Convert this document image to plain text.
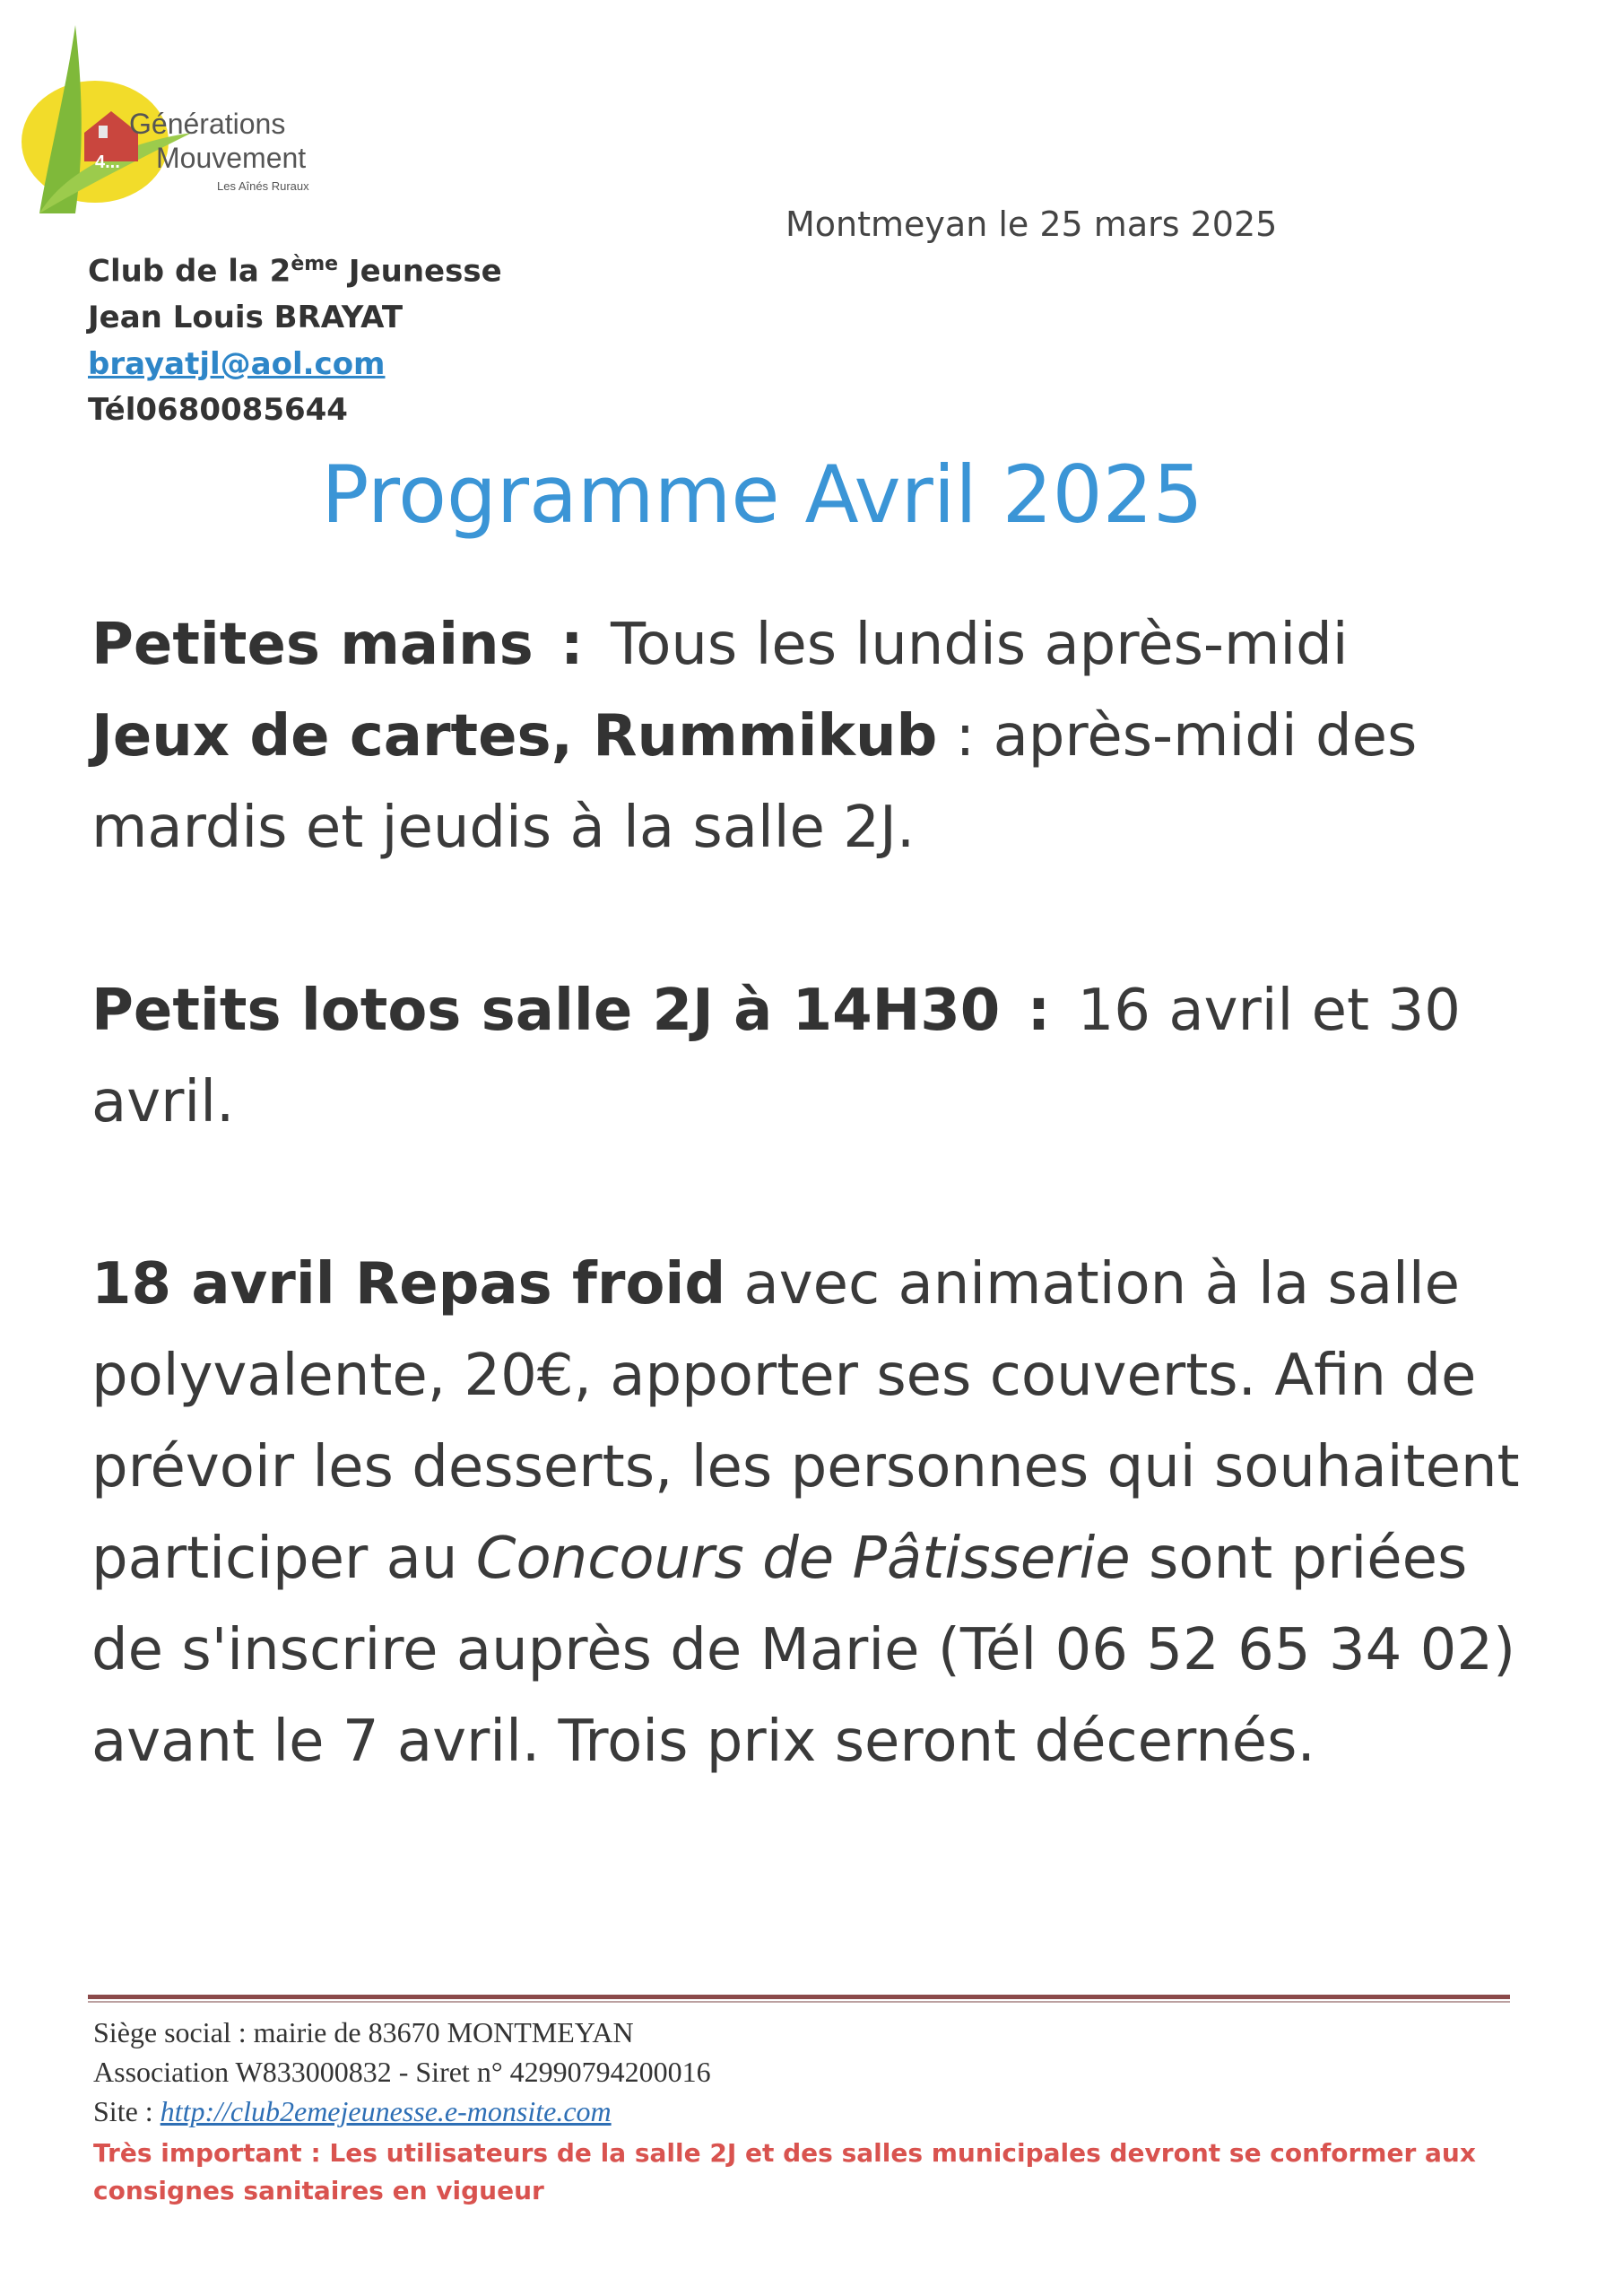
4...
Générations
Mouvement
Les Aînés Ruraux
Montmeyan le 25 mars 2025
Club de la 2ème Jeunesse
Jean Louis BRAYAT
brayatjl@aol.com
Tél0680085644
Programme Avril 2025
Petites mains : Tous les lundis après-midi
Jeux de cartes, Rummikub : après-midi des mardis et jeudis à la salle 2J.
Petits lotos salle 2J à 14H30 : 16 avril et 30 avril.
18 avril Repas froid avec animation à la salle polyvalente, 20€, apporter ses couverts. Afin de prévoir les desserts, les personnes qui souhaitent participer au Concours de Pâtisserie sont priées de s'inscrire auprès de Marie (Tél 06 52 65 34 02) avant le 7 avril. Trois prix seront décernés.
Siège social : mairie de 83670 MONTMEYAN
Association W833000832 - Siret n° 42990794200016
Site : http://club2emejeunesse.e-monsite.com
Très important : Les utilisateurs de la salle 2J et des salles municipales devront se conformer aux
consignes sanitaires en vigueur
